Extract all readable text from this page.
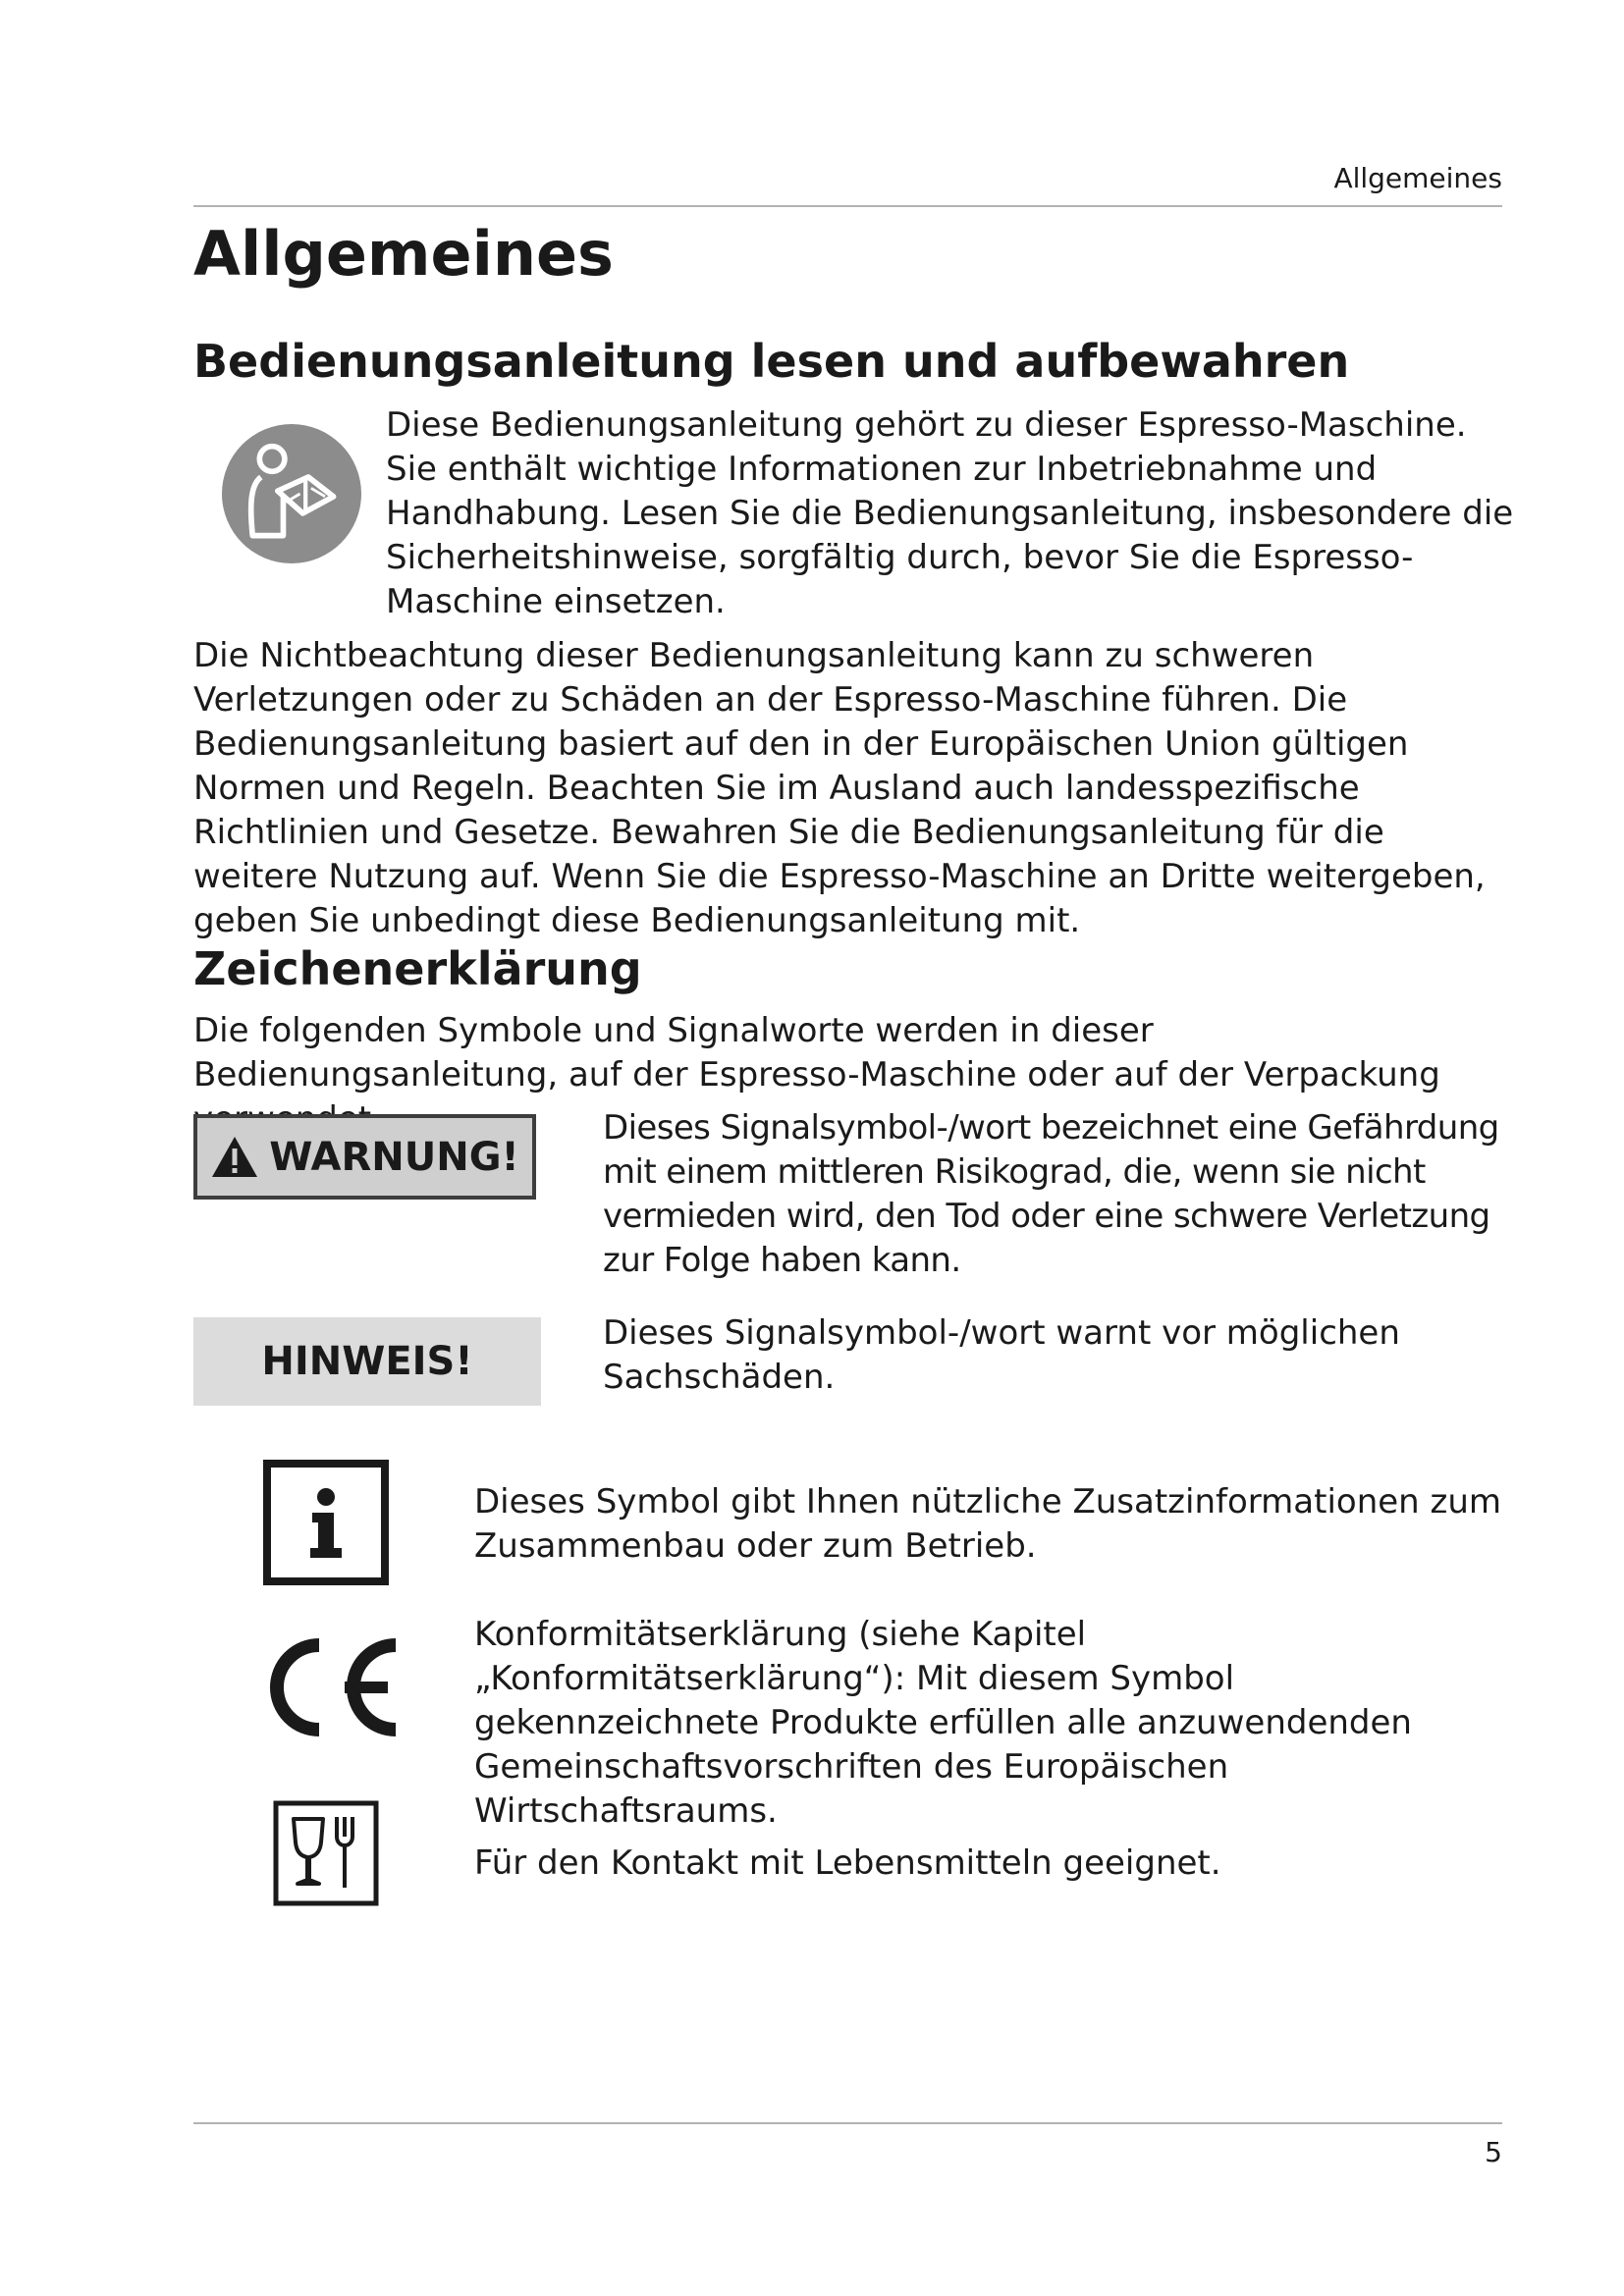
Allgemeines
Allgemeines
Bedienungsanleitung lesen und aufbewahren

Diese Bedienungsanleitung gehört zu dieser Espresso-Maschine. Sie enthält wichtige Informationen zur Inbetriebnahme und Handhabung. Lesen Sie die Bedienungsanleitung, insbesondere die Sicherheitshinweise, sorgfältig durch, bevor Sie die Espresso-Maschine einsetzen.

Die Nichtbeachtung dieser Bedienungsanleitung kann zu schweren Verletzungen oder zu Schäden an der Espresso-Maschine führen. Die Bedienungsanleitung basiert auf den in der Europäischen Union gültigen Normen und Regeln. Beachten Sie im Ausland auch landesspezifische Richtlinien und Gesetze. Bewahren Sie die Bedienungsanleitung für die weitere Nutzung auf. Wenn Sie die Espresso-Maschine an Dritte weitergeben, geben Sie unbedingt diese Bedienungsanleitung mit.

Zeichenerklärung

Die folgenden Symbole und Signalworte werden in dieser Bedienungsanleitung, auf der Espresso-Maschine oder auf der Verpackung

WARNUNG!

Dieses Signalsymbol-/wort bezeichnet eine Gefährdung mit einem mittleren Risikograd, die, wenn sie nicht vermieden wird, den Tod oder eine schwere Verletzung zur Folge haben kann.

HINWEIS!

Dieses Signalsymbol-/wort warnt vor möglichen Sachschäden.

Dieses Symbol gibt Ihnen nützliche Zusatzinformationen zum Zusammenbau oder zum Betrieb.

Konformitätserklärung (siehe Kapitel „Konformitätserklärung“): Mit diesem Symbol gekennzeichnete Produkte erfüllen alle anzuwendenden Gemeinschaftsvorschriften des Europäischen Wirtschaftsraums.

Für den Kontakt mit Lebensmitteln geeignet.

5
